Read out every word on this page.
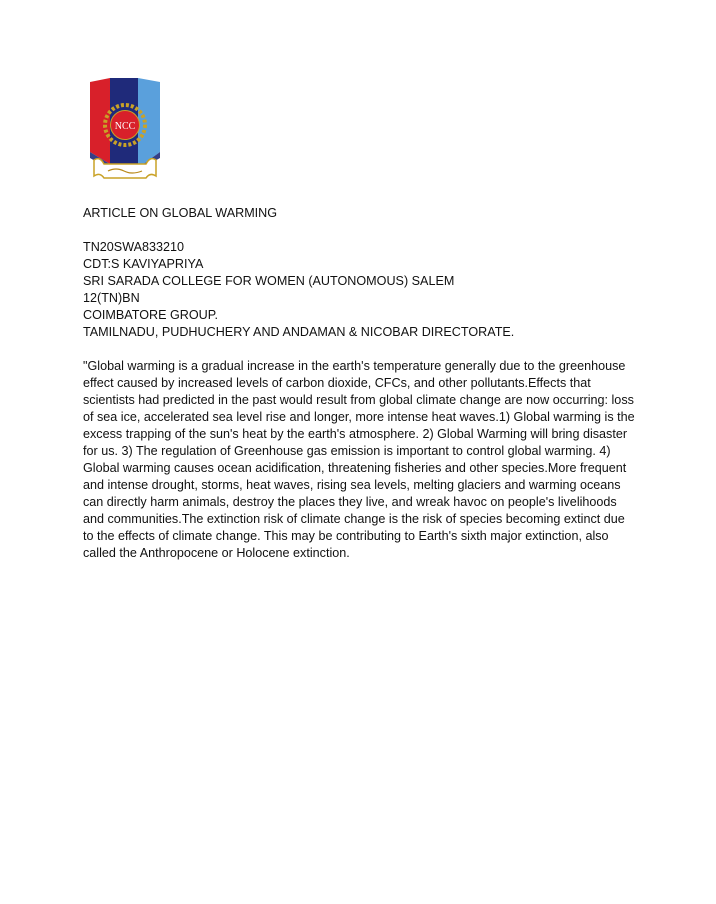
NCC

ARTICLE ON GLOBAL WARMING

TN20SWA833210

CDT:S KAVIYAPRIYA

SRI SARADA COLLEGE FOR WOMEN (AUTONOMOUS) SALEM

12(TN)BN

COIMBATORE GROUP.

TAMILNADU, PUDHUCHERY AND ANDAMAN & NICOBAR DIRECTORATE.

"Global warming is a gradual increase in the earth's temperature generally due to the greenhouse effect caused by increased levels of carbon dioxide, CFCs, and other pollutants.Effects that scientists had predicted in the past would result from global climate change are now occurring: loss of sea ice, accelerated sea level rise and longer, more intense heat waves.1) Global warming is the excess trapping of the sun's heat by the earth's atmosphere. 2) Global Warming will bring disaster for us. 3) The regulation of Greenhouse gas emission is important to control global warming. 4) Global warming causes ocean acidification, threatening fisheries and other species.More frequent and intense drought, storms, heat waves, rising sea levels, melting glaciers and warming oceans can directly harm animals, destroy the places they live, and wreak havoc on people's livelihoods and communities.The extinction risk of climate change is the risk of species becoming extinct due to the effects of climate change. This may be contributing to Earth's sixth major extinction, also called the Anthropocene or Holocene extinction.
